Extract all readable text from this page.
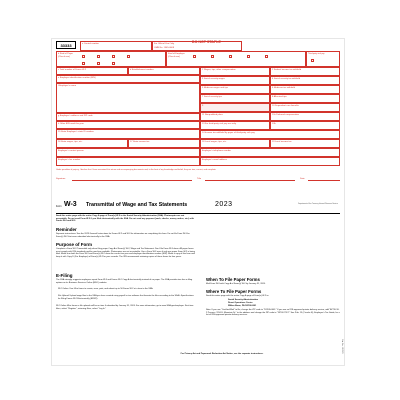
33333
DO NOT STAPLE
a Control number	For Official Use Only
OMB No. 1545-0008
b Kind of Payer
(Check one)
Kind of Employer
(Check one)
Third-party sick pay
c Total number of Forms W-2	d Establishment number
e Employer identification number (EIN)
f Employer's name
g Employer's address and ZIP code
h Other EIN used this year
15 State Employer's state ID number
1 Wages, tips, other compensation	2 Federal income tax withheld
3 Social security wages	4 Social security tax withheld
5 Medicare wages and tips	6 Medicare tax withheld
7 Social security tips	8 Allocated tips
9	10 Dependent care benefits
11 Nonqualified plans	12a Deferred compensation
13 For third-party sick pay use only	12b
14 Income tax withheld by payer of third-party sick pay
16 State wages, tips, etc.	17 State income tax	18 Local wages, tips, etc.	19 Local income tax
Employer's contact person	Employer's telephone number
Employer's fax number	Employer's email address
Under penalties of perjury, I declare that I have examined this return and accompanying documents and, to the best of my knowledge and belief, they are true, correct, and complete.
Signature	Title	Date
Form W-3 Transmittal of Wage and Tax Statements	2023	Department of the Treasury Internal Revenue Service
Send this entire page with the entire Copy A page of Form(s) W-2 to the Social Security Administration (SSA). Photocopies are not acceptable. Do not send Form W-3 if you filed electronically with the SSA. Do not send any payment (cash, checks, money orders, etc.) with Forms W-2 and W-3.
Reminder
Separate instructions. See the 2023 General Instructions for Forms W-2 and W-3 for information on completing this form. Do not file Form W-3 for Form(s) W-2 that were submitted electronically to the SSA.
Purpose of Form
Complete a Form W-3 Transmittal only when filing paper Copy A of Form(s) W-2, Wage and Tax Statement. Don't file Form W-3 alone. All paper forms must comply with IRS standards and be machine readable. Photocopies are not acceptable. Use a Form W-3 even if only one paper Form W-2 is being filed. Make sure both the Form W-3 and Form(s) W-2 show the correct tax year and employer identification number (EIN). Make a copy of this form and keep it with Copy D (For Employer) of Form(s) W-2 for your records. The IRS recommends retaining copies of these forms for four years.
E-Filing
The SSA strongly suggests employers report Form W-3 and Forms W-2 Copy A electronically instead of on paper. The SSA provides two free e-filing options on its Business Services Online (BSO) website:
W-2 Online. Use fill-in forms to create, save, print, and submit up to 50 Forms W-2 at a time to the SSA.
File Upload. Upload wage files to the SSA you have created using payroll or tax software that formats the files according to the SSA's Specifications for Filing Forms W-2 Electronically (EFW2).
W-2 Online fill-in forms or file uploads will be on time if submitted by January 31, 2024. For more information, go to www.SSA.gov/employer. First time filers, select "Register"; returning filers, select "Log In."
When To File Paper Forms
Mail Form W-3 with Copy A of Form(s) W-2 by January 31, 2024.
Where To File Paper Forms
Send this entire page with the entire Copy A page of Form(s) W-2 to:
Social Security Administration
Direct Operations Center
Wilkes-Barre, PA 18769-0001
Note: If you use "Certified Mail" to file, change the ZIP code to "18769-0002." If you use an IRS-approved private delivery service, add "ATTN: W-2 Process, 1150 E. Mountain Dr." to the address and change the ZIP code to "18702-7997." See Pub. 15 (Circular E), Employer's Tax Guide, for a list of IRS-approved private delivery services.
For Privacy Act and Paperwork Reduction Act Notice, see the separate instructions.
Cat. No. 10159Y
